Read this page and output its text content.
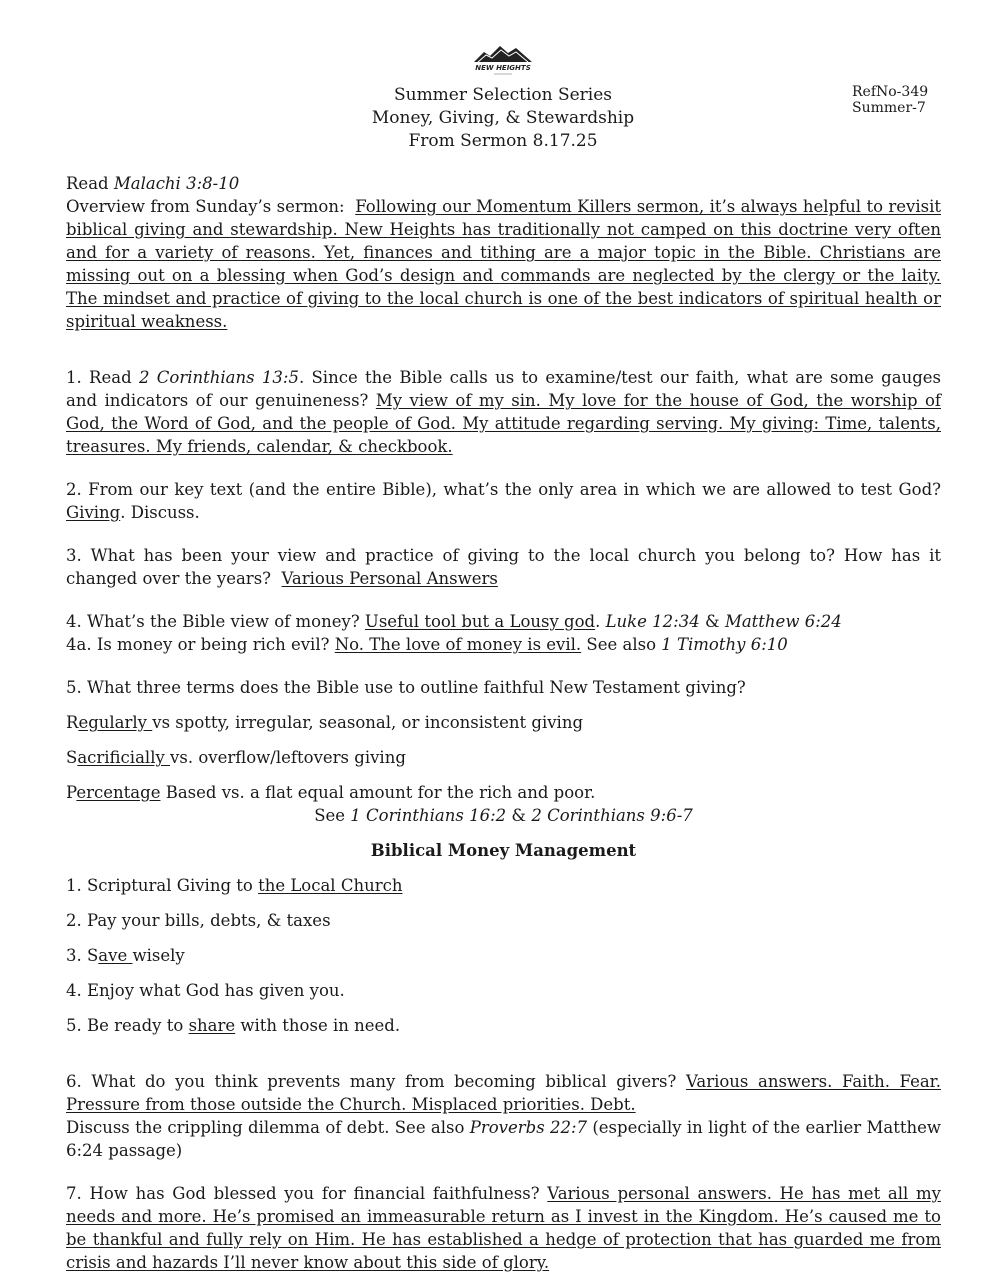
NEW HEIGHTS
Summer Selection Series
Money, Giving, & Stewardship
From Sermon 8.17.25
RefNo-349
Summer-7

Read Malachi 3:8-10

Overview from Sunday’s sermon:  Following our Momentum Killers sermon, it’s always helpful to revisit biblical giving and stewardship. New Heights has traditionally not camped on this doctrine very often and for a variety of reasons. Yet, finances and tithing are a major topic in the Bible. Christians are missing out on a blessing when God’s design and commands are neglected by the clergy or the laity. The mindset and practice of giving to the local church is one of the best indicators of spiritual health or spiritual weakness.

1. Read 2 Corinthians 13:5. Since the Bible calls us to examine/test our faith, what are some gauges and indicators of our genuineness? My view of my sin. My love for the house of God, the worship of God, the Word of God, and the people of God. My attitude regarding serving. My giving: Time, talents, treasures. My friends, calendar, & checkbook.

2. From our key text (and the entire Bible), what’s the only area in which we are allowed to test God? Giving. Discuss.

3. What has been your view and practice of giving to the local church you belong to? How has it changed over the years?  Various Personal Answers

4. What’s the Bible view of money? Useful tool but a Lousy god. Luke 12:34 & Matthew 6:24

4a. Is money or being rich evil? No. The love of money is evil. See also 1 Timothy 6:10

5. What three terms does the Bible use to outline faithful New Testament giving?

Regularly vs spotty, irregular, seasonal, or inconsistent giving

Sacrificially vs. overflow/leftovers giving

Percentage Based vs. a flat equal amount for the rich and poor.

See 1 Corinthians 16:2 & 2 Corinthians 9:6-7

Biblical Money Management

1. Scriptural Giving to the Local Church

2. Pay your bills, debts, & taxes

3. Save wisely

4. Enjoy what God has given you.

5. Be ready to share with those in need.

6. What do you think prevents many from becoming biblical givers? Various answers. Faith. Fear. Pressure from those outside the Church. Misplaced priorities. Debt.

Discuss the crippling dilemma of debt. See also Proverbs 22:7 (especially in light of the earlier Matthew 6:24 passage)

7. How has God blessed you for financial faithfulness? Various personal answers. He has met all my needs and more. He’s promised an immeasurable return as I invest in the Kingdom. He’s caused me to be thankful and fully rely on Him. He has established a hedge of protection that has guarded me from crisis and hazards I’ll never know about this side of glory.
